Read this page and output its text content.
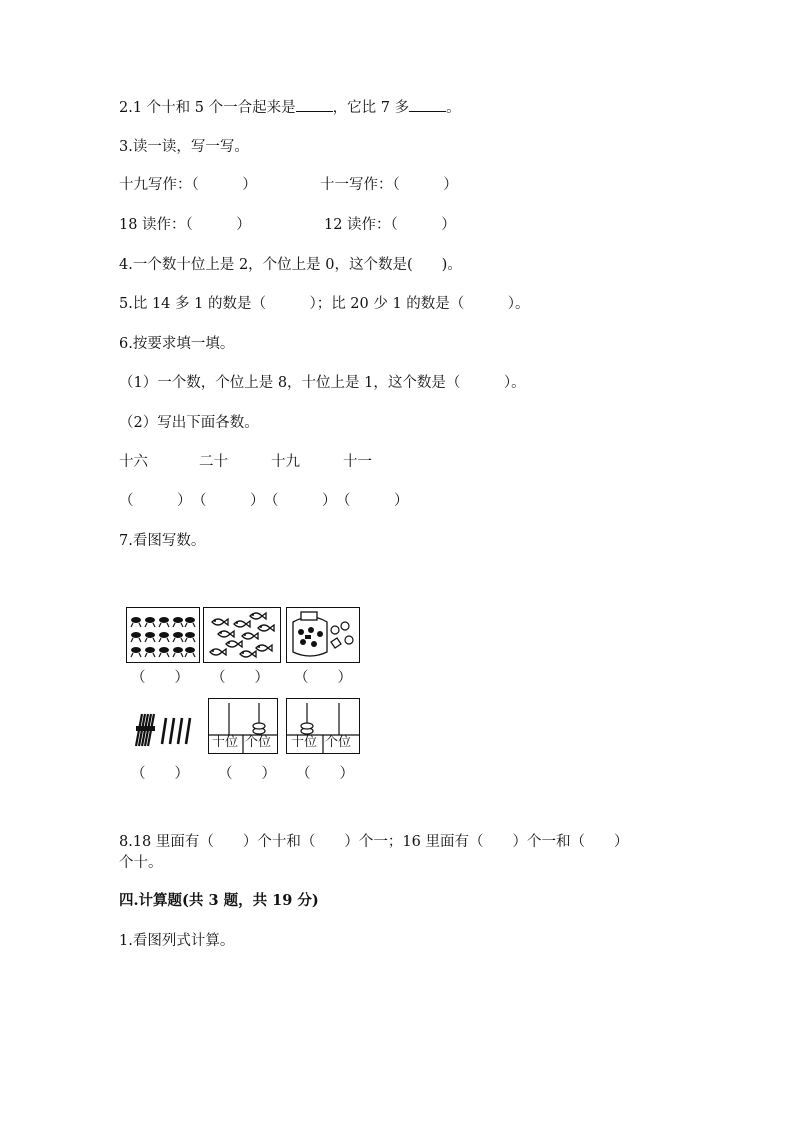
2.1 个十和 5 个一合起来是	，它比 7 多	。
3.读一读，写一写。
十九写作：（　　　）	十一写作：（　　　）
18 读作：（　　　）	12 读作：（　　　）
4.一个数十位上是 2，个位上是 0，这个数是(　　)。
5.比 14 多 1 的数是（　　　）；比 20 少 1 的数是（　　　）。
6.按要求填一填。
（1）一个数，个位上是 8，十位上是 1，这个数是（　　　）。
（2）写出下面各数。
十六	二十	十九	十一
（　　　） （　　　） （　　　） （　　　）
7.看图写数。
（　　） （　　） （　　）
十位 个位 十位 个位
（　　） （　　） （　　）
8.18 里面有（　　）个十和（　　）个一；16 里面有（　　）个一和（　　）
个十。
四.计算题(共 3 题，共 19 分)
1.看图列式计算。
